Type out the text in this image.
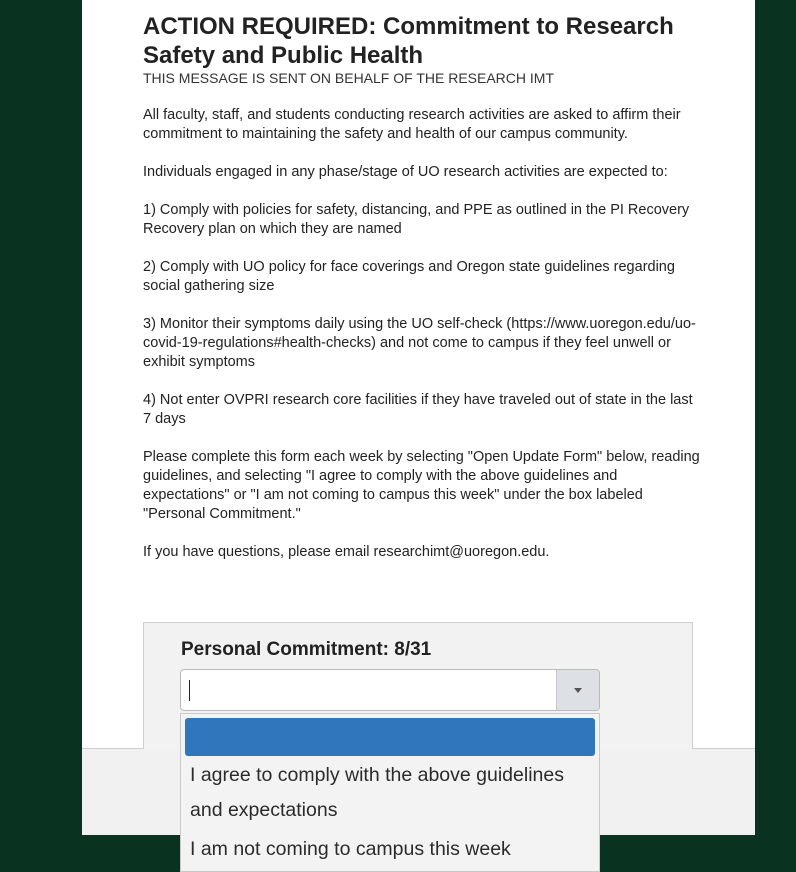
ACTION REQUIRED: Commitment to Research Safety and Public Health

THIS MESSAGE IS SENT ON BEHALF OF THE RESEARCH IMT

All faculty, staff, and students conducting research activities are asked to affirm their commitment to maintaining the safety and health of our campus community.

Individuals engaged in any phase/stage of UO research activities are expected to:

1) Comply with policies for safety, distancing, and PPE as outlined in the PI Recovery Recovery plan on which they are named

2) Comply with UO policy for face coverings and Oregon state guidelines regarding social gathering size

3) Monitor their symptoms daily using the UO self-check (https://www.uoregon.edu/uo-covid-19-regulations#health-checks) and not come to campus if they feel unwell or exhibit symptoms

4) Not enter OVPRI research core facilities if they have traveled out of state in the last 7 days

Please complete this form each week by selecting "Open Update Form" below, reading guidelines, and selecting "I agree to comply with the above guidelines and expectations" or "I am not coming to campus this week" under the box labeled "Personal Commitment."

If you have questions, please email researchimt@uoregon.edu.

Personal Commitment: 8/31
I agree to comply with the above guidelines
and expectations
I am not coming to campus this week
